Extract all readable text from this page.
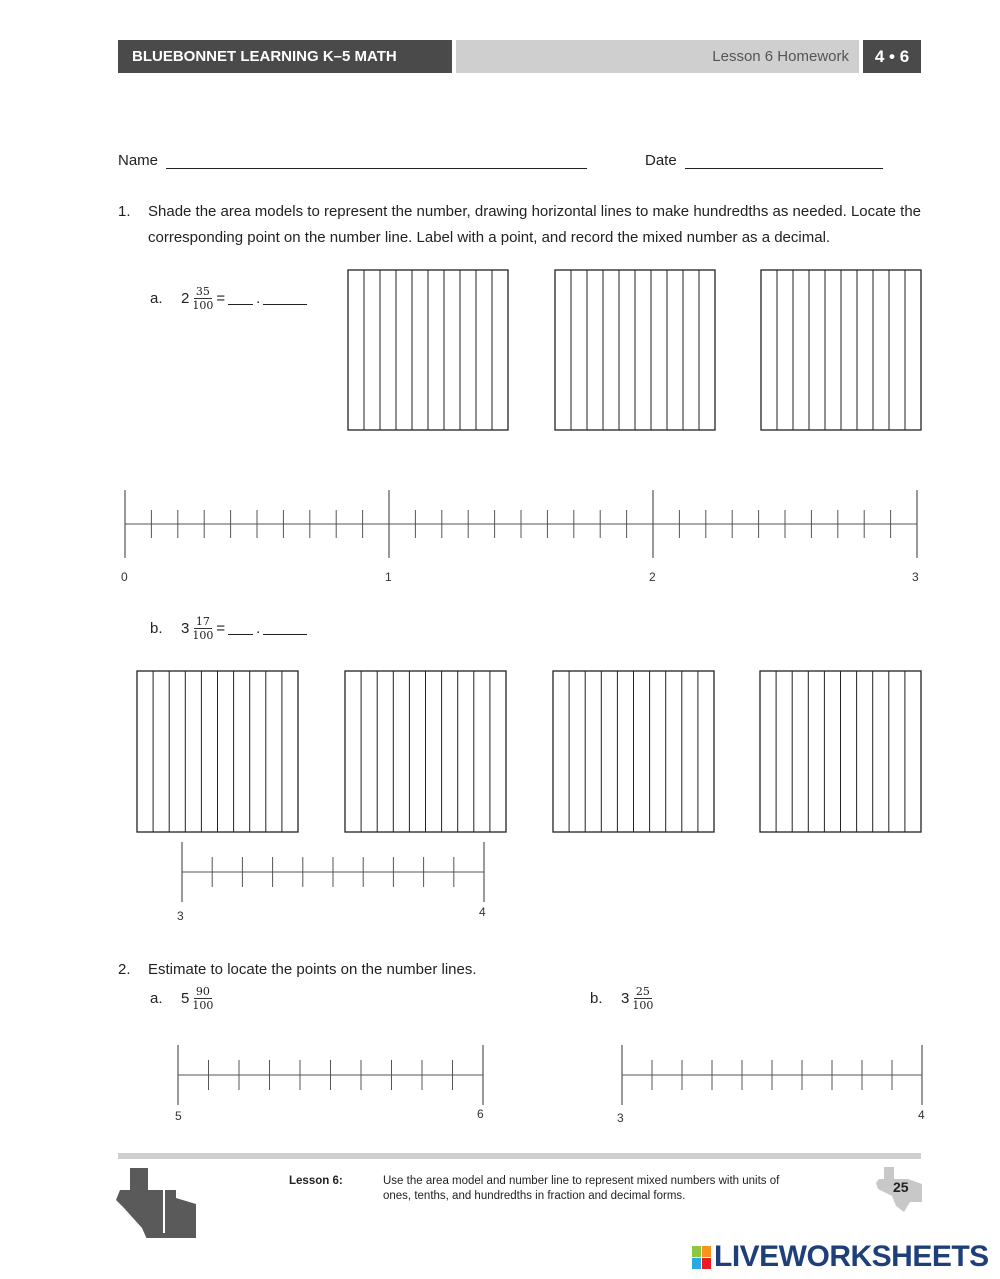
BLUEBONNET LEARNING K–5 MATH	Lesson 6 Homework	4 • 6
Name	Date
1. Shade the area models to represent the number, drawing horizontal lines to make hundredths as needed. Locate the corresponding point on the number line. Label with a point, and record the mixed number as a decimal.
a.	$2 \frac{35}{100}$ = .
b.	$3 \frac{17}{100}$ = .
2. Estimate to locate the points on the number lines.
a.	$5 \frac{90}{100}$	b.	$3 \frac{25}{100}$
0	1	2	3
3	4
5	6	3	4
Lesson 6:	Use the area model and number line to represent mixed numbers with units of ones, tenths, and hundredths in fraction and decimal forms.
25
LIVEWORKSHEETS
